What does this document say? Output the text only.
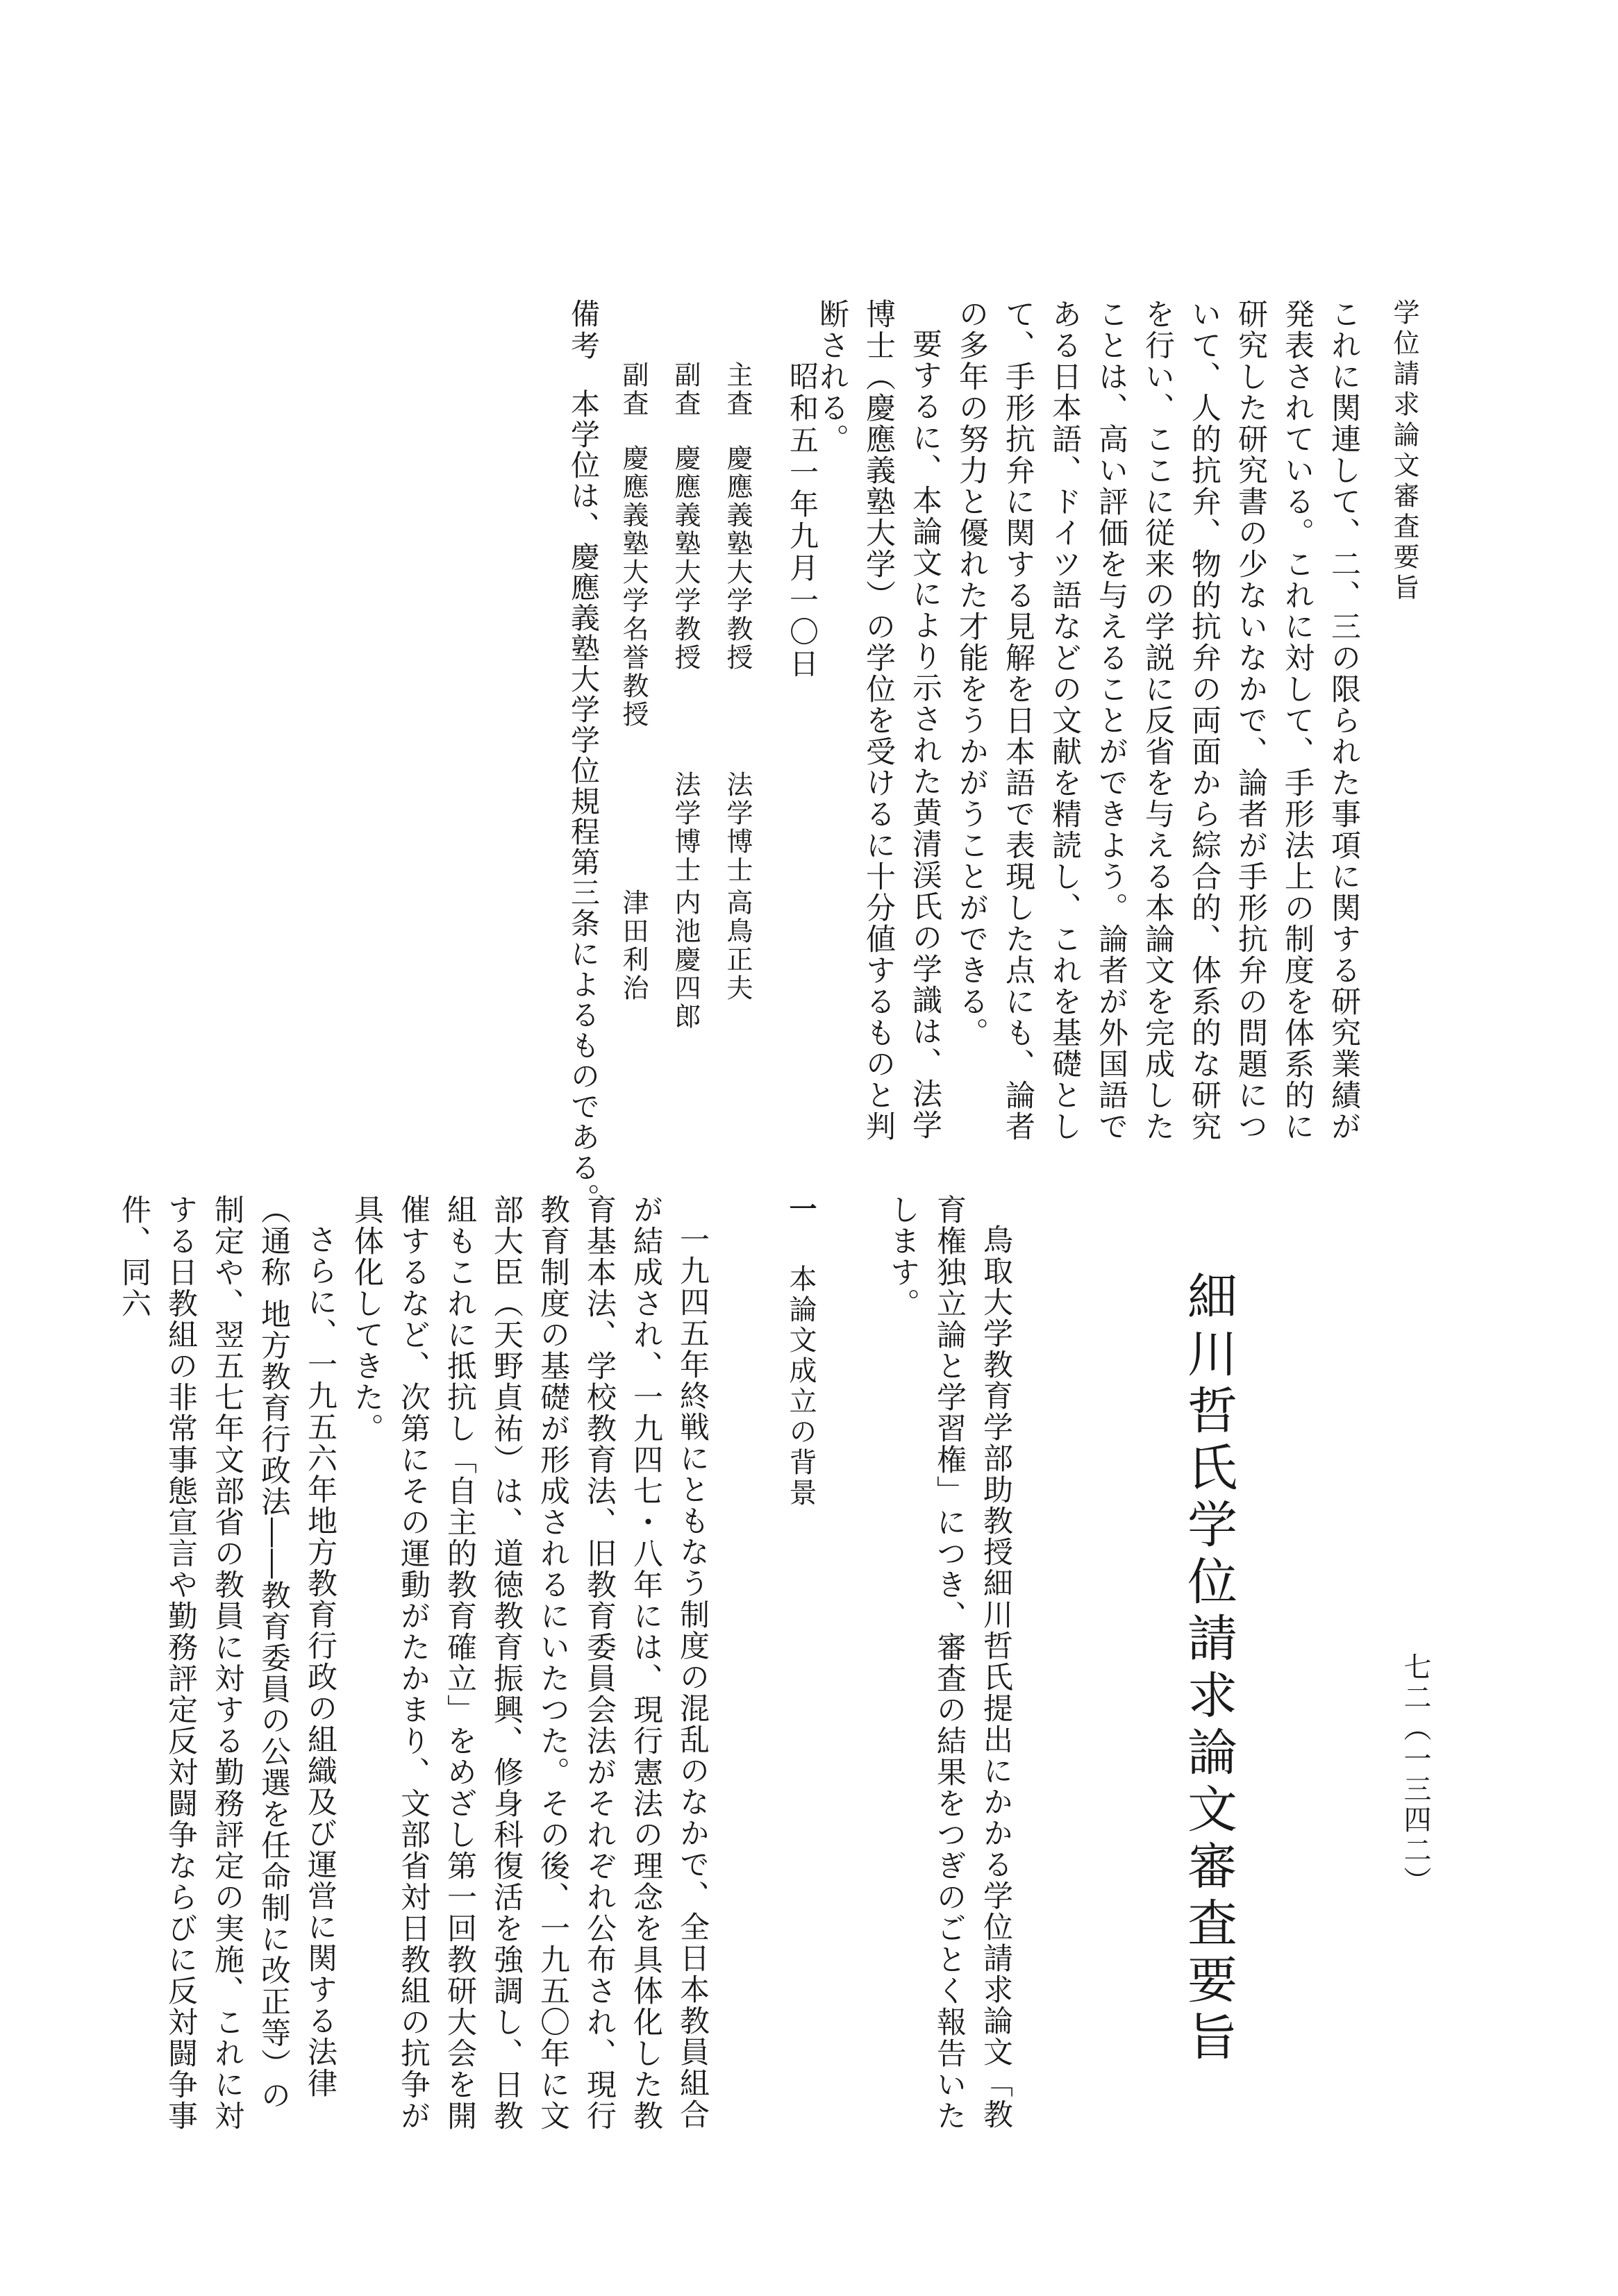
学位請求論文審査要旨

これに関連して、二、三の限られた事項に関する研究業績が発表されている。これに対して、手形法上の制度を体系的に研究した研究書の少ないなかで、論者が手形抗弁の問題について、人的抗弁、物的抗弁の両面から綜合的、体系的な研究を行い、ここに従来の学説に反省を与える本論文を完成したことは、高い評価を与えることができよう。論者が外国語である日本語、ドイツ語などの文献を精読し、これを基礎として、手形抗弁に関する見解を日本語で表現した点にも、論者の多年の努力と優れた才能をうかがうことができる。

要するに、本論文により示された黄清渓氏の学識は、法学博士（慶應義塾大学）の学位を受けるに十分値するものと判断される。

昭和五一年九月一〇日
主査
慶應義塾大学教授
法学博士
高鳥正夫
副査
慶應義塾大学教授
法学博士
内池慶四郎
副査
慶應義塾大学名誉教授
津田利治
備考
本学位は、慶應義塾大学学位規程第三条によるものである。
七二（一三四二）
細川哲氏学位請求論文審査要旨

鳥取大学教育学部助教授細川哲氏提出にかかる学位請求論文「教育権独立論と学習権」につき、審査の結果をつぎのごとく報告いたします。

一 本論文成立の背景

一九四五年終戦にともなう制度の混乱のなかで、全日本教員組合が結成され、一九四七・八年には、現行憲法の理念を具体化した教育基本法、学校教育法、旧教育委員会法がそれぞれ公布され、現行教育制度の基礎が形成されるにいたつた。その後、一九五〇年に文部大臣（天野貞祐）は、道徳教育振興、修身科復活を強調し、日教組もこれに抵抗し「自主的教育確立」をめざし第一回教研大会を開催するなど、次第にその運動がたかまり、文部省対日教組の抗争が具体化してきた。

さらに、一九五六年地方教育行政の組織及び運営に関する法律（通称 地方教育行政法――教育委員の公選を任命制に改正等）の制定や、翌五七年文部省の教員に対する勤務評定の実施、これに対する日教組の非常事態宣言や勤務評定反対闘争ならびに反対闘争事件、同六
